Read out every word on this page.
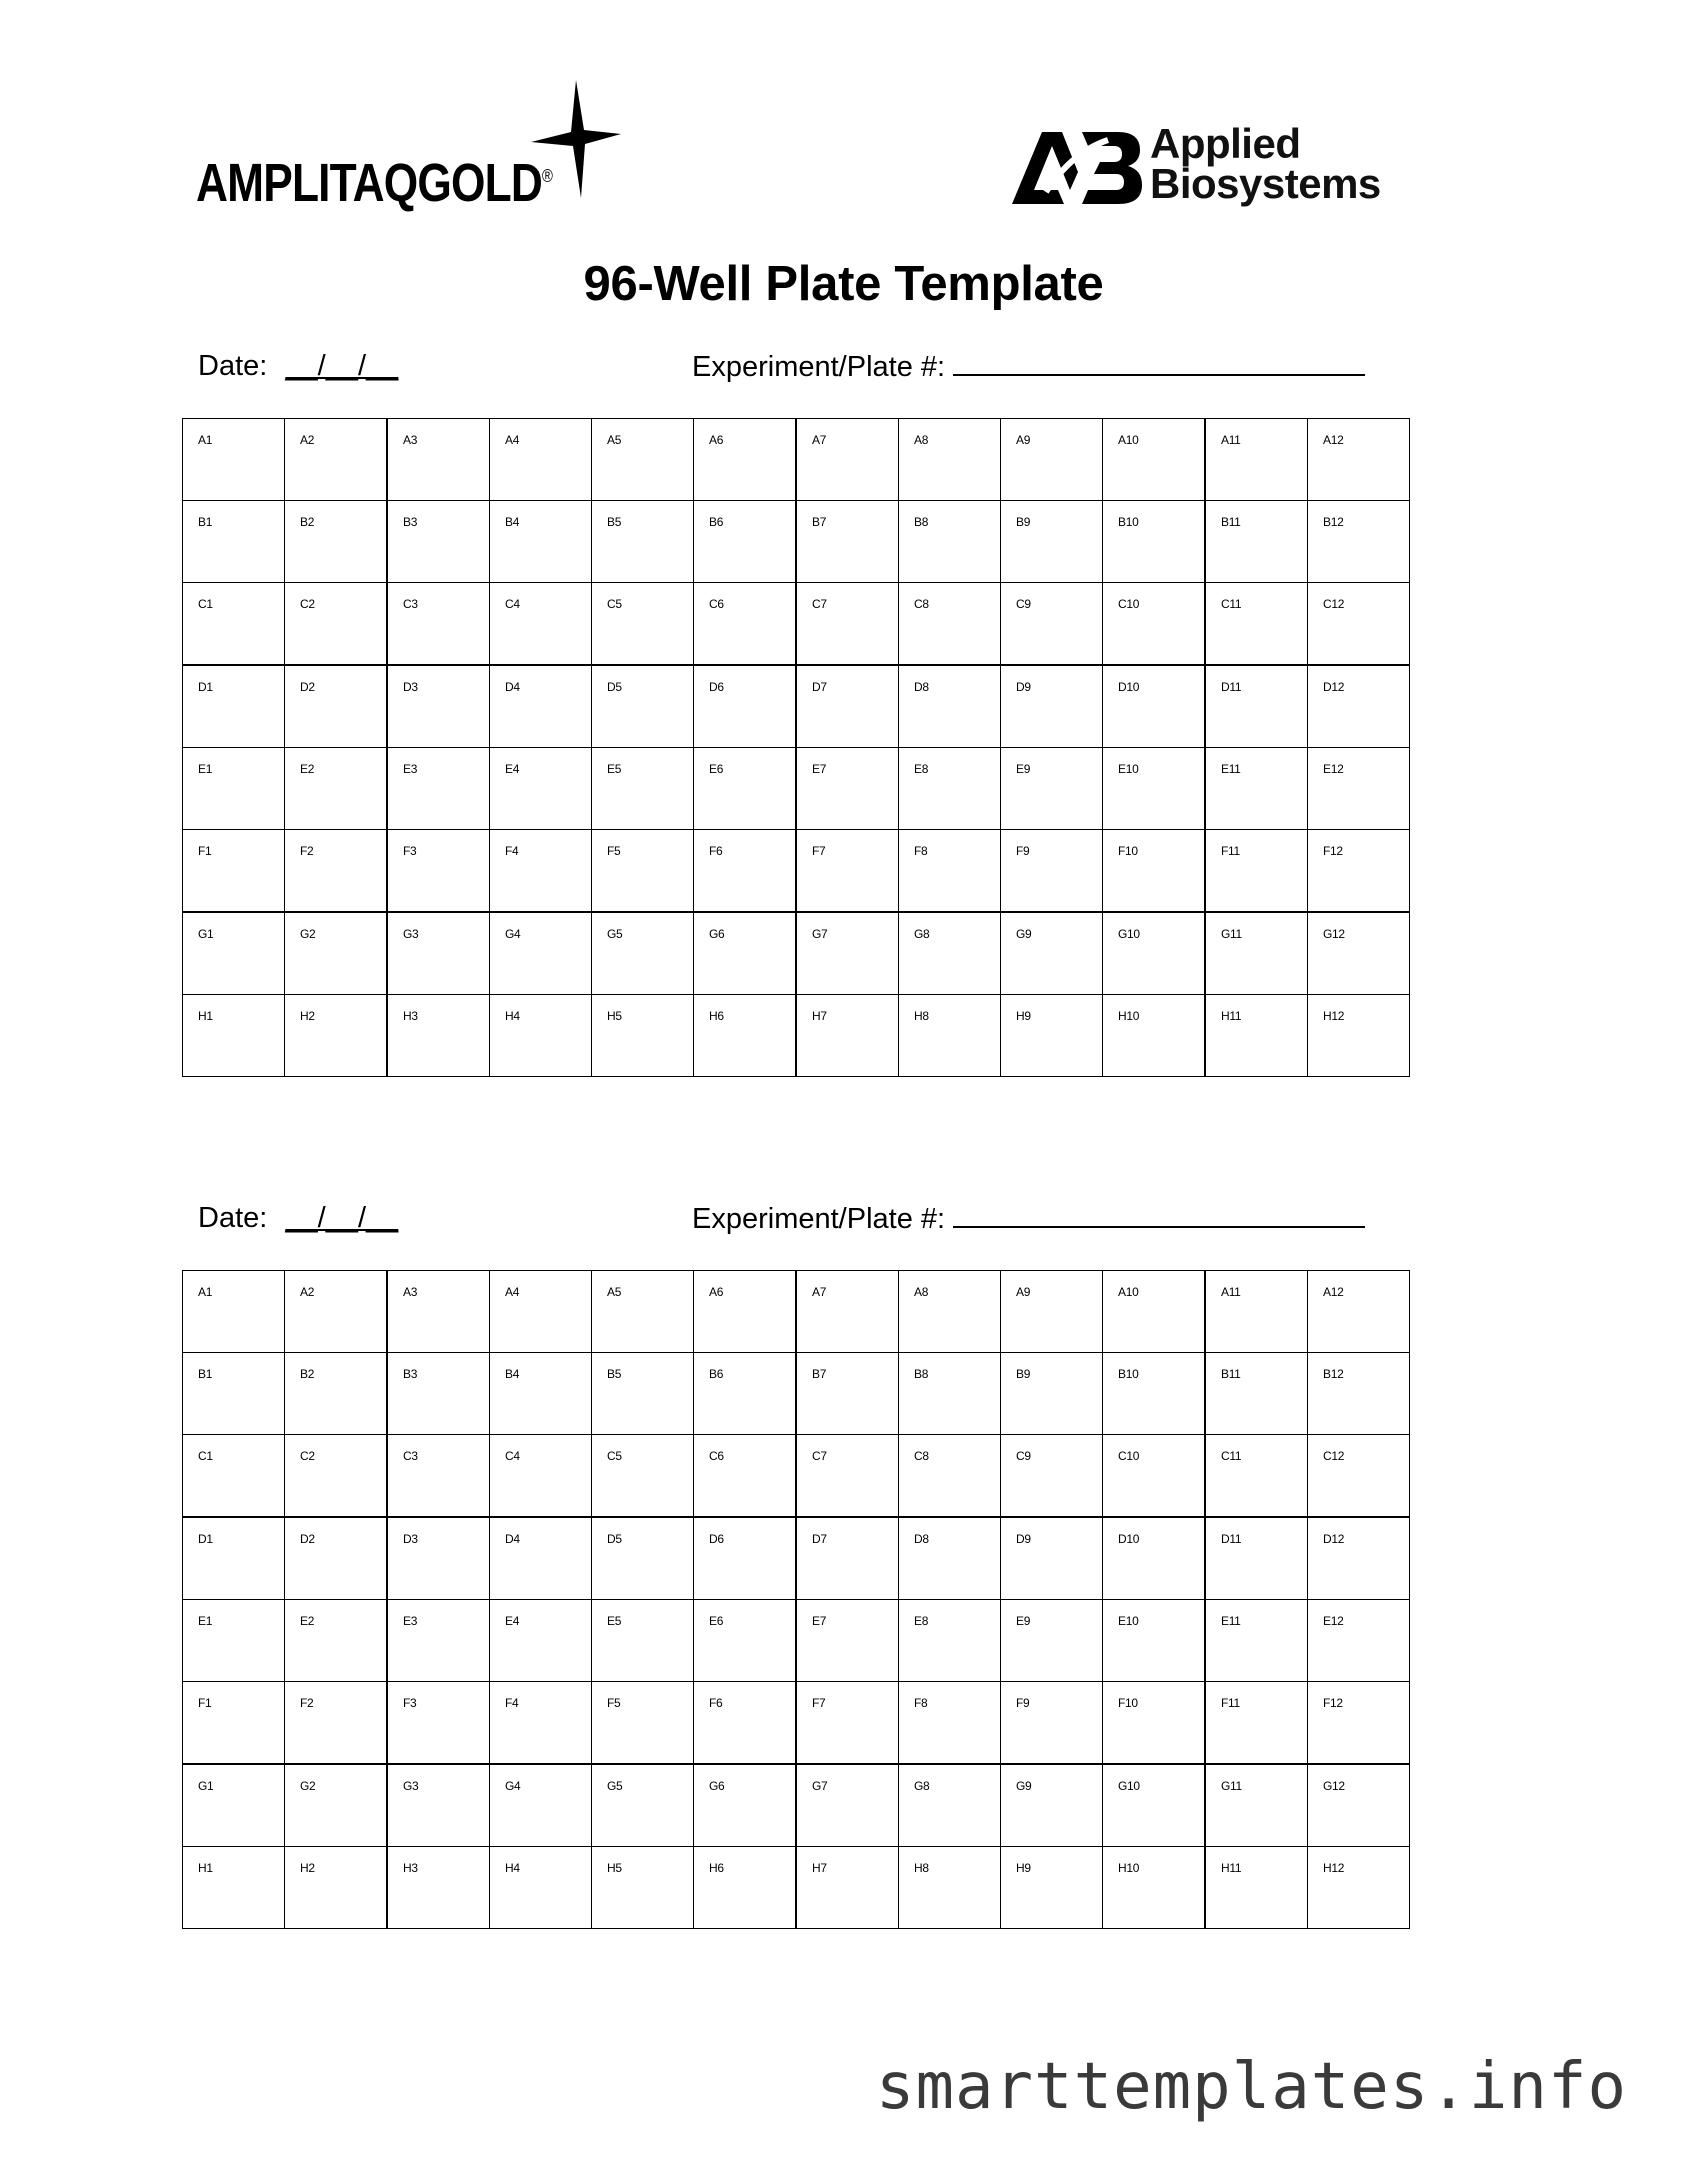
AMPLITAQGOLD®
Applied
Biosystems
96-Well Plate Template
Date: __/__/__	Experiment/Plate #:
A1	A2	A3	A4	A5	A6	A7	A8	A9	A10	A11	A12

B1	B2	B3	B4	B5	B6	B7	B8	B9	B10	B11	B12

C1	C2	C3	C4	C5	C6	C7	C8	C9	C10	C11	C12

D1	D2	D3	D4	D5	D6	D7	D8	D9	D10	D11	D12

E1	E2	E3	E4	E5	E6	E7	E8	E9	E10	E11	E12

F1	F2	F3	F4	F5	F6	F7	F8	F9	F10	F11	F12

G1	G2	G3	G4	G5	G6	G7	G8	G9	G10	G11	G12

H1	H2	H3	H4	H5	H6	H7	H8	H9	H10	H11	H12
Date: __/__/__	Experiment/Plate #:
A1	A2	A3	A4	A5	A6	A7	A8	A9	A10	A11	A12

B1	B2	B3	B4	B5	B6	B7	B8	B9	B10	B11	B12

C1	C2	C3	C4	C5	C6	C7	C8	C9	C10	C11	C12

D1	D2	D3	D4	D5	D6	D7	D8	D9	D10	D11	D12

E1	E2	E3	E4	E5	E6	E7	E8	E9	E10	E11	E12

F1	F2	F3	F4	F5	F6	F7	F8	F9	F10	F11	F12

G1	G2	G3	G4	G5	G6	G7	G8	G9	G10	G11	G12

H1	H2	H3	H4	H5	H6	H7	H8	H9	H10	H11	H12
smarttemplates.info
